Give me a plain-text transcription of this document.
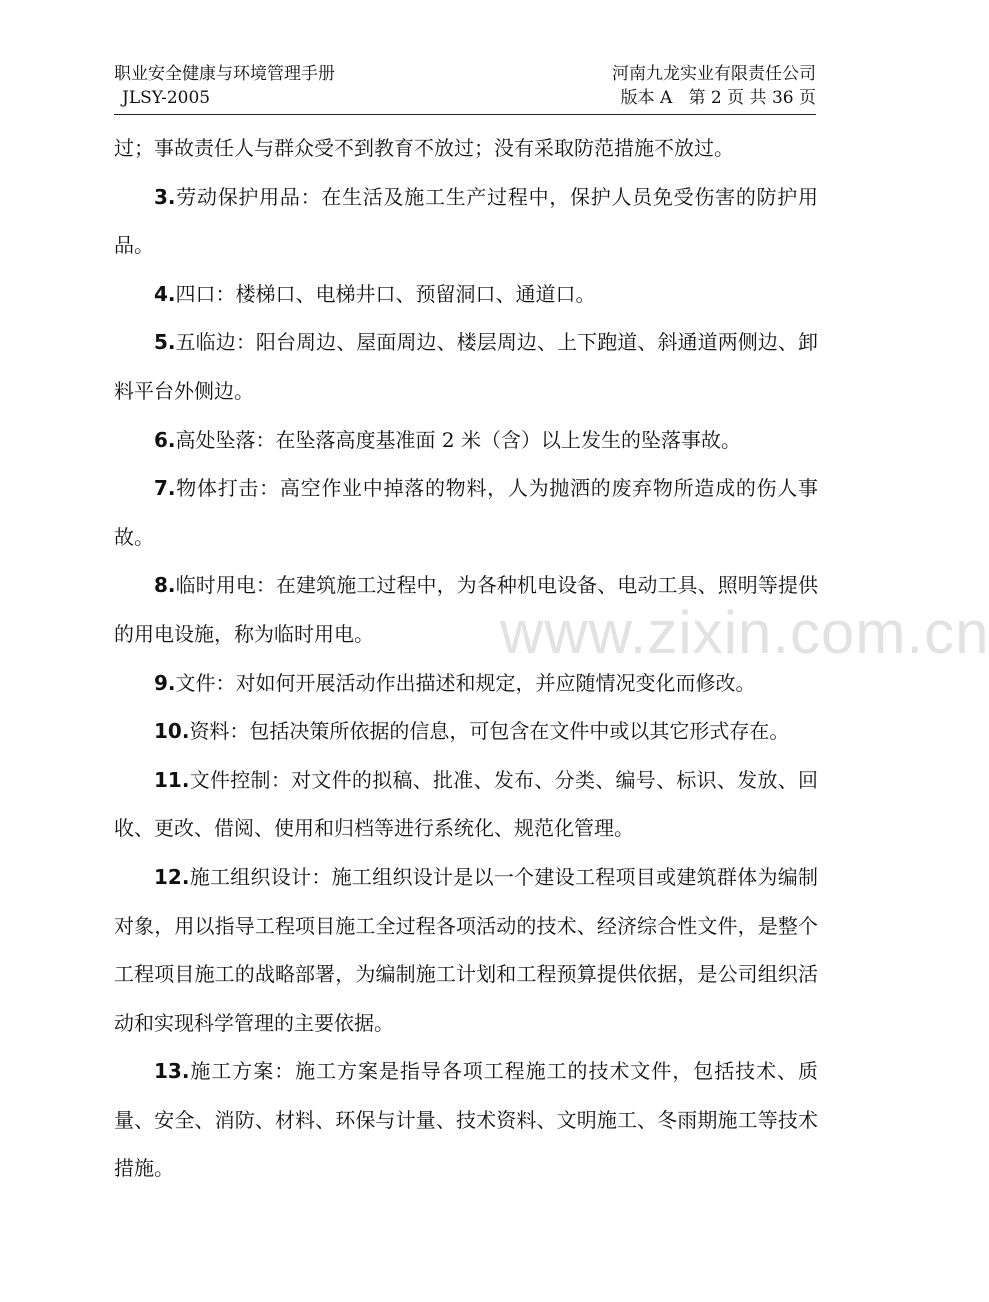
职业安全健康与环境管理手册	河南九龙实业有限责任公司
JLSY-2005	版本 A   第 2 页 共 36 页

过；事故责任人与群众受不到教育不放过；没有采取防范措施不放过。

3.劳动保护用品：在生活及施工生产过程中，保护人员免受伤害的防护用品。

4.四口：楼梯口、电梯井口、预留洞口、通道口。

5.五临边：阳台周边、屋面周边、楼层周边、上下跑道、斜通道两侧边、卸料平台外侧边。

6.高处坠落：在坠落高度基准面 2 米（含）以上发生的坠落事故。

7.物体打击：高空作业中掉落的物料，人为抛洒的废弃物所造成的伤人事故。

8.临时用电：在建筑施工过程中，为各种机电设备、电动工具、照明等提供的用电设施，称为临时用电。

9.文件：对如何开展活动作出描述和规定，并应随情况变化而修改。

10.资料：包括决策所依据的信息，可包含在文件中或以其它形式存在。

11.文件控制：对文件的拟稿、批准、发布、分类、编号、标识、发放、回收、更改、借阅、使用和归档等进行系统化、规范化管理。

12.施工组织设计：施工组织设计是以一个建设工程项目或建筑群体为编制对象，用以指导工程项目施工全过程各项活动的技术、经济综合性文件，是整个工程项目施工的战略部署，为编制施工计划和工程预算提供依据，是公司组织活动和实现科学管理的主要依据。

13.施工方案：施工方案是指导各项工程施工的技术文件，包括技术、质量、安全、消防、材料、环保与计量、技术资料、文明施工、冬雨期施工等技术措施。

www.zixin.com.cn
